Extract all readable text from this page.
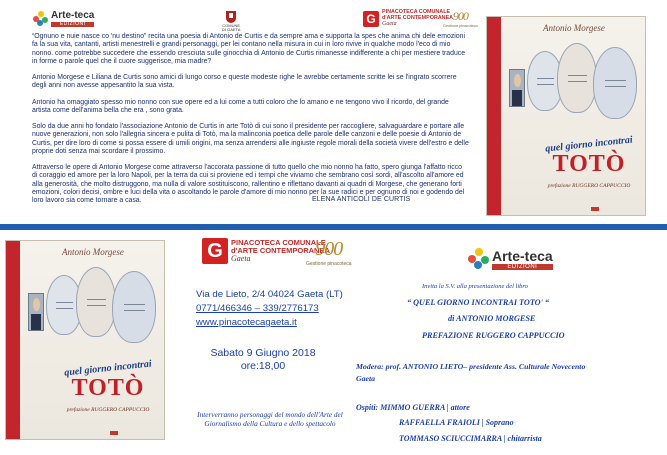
Arte-teca
EDIZIONI	COMUNE
DI GAETA
G	PINACOTECA COMUNALE
d'ARTE CONTEMPORANEA
Gaeta
900
Gestione pinacoteca

“Ognuno e nuie nasce co 'nu destino” recita una poesia di Antonio de Curtis e da sempre ama e supporta la spes che anima chi dele emozioni fa la sua vita, cantanti, artisti menestrelli e grandi personaggi, per lei contano nella misura in cui in loro rivive in qualche modo l'eco di mio nonno. come potrebbe succedere che essendo cresciuta sulle ginocchia di Antonio de Curtis rimanesse indifferente a chi per mestiere traduce in forme o parole quel che il cuore suggerisce, mia madre?

Antonio Morgese e Liliana de Curtis sono amici di lungo corso e queste modeste righe le avrebbe certamente scritte lei se l'ingrato scorrere degli anni non avesse appesantito la sua vista.

Antonio ha omaggiato spesso mio nonno con sue opere ed a lui come a tutti coloro che lo amano e ne tengono vivo il ricordo, del grande artista come dell'anima bella che era , sono grata.

Solo da due anni ho fondato l'associazione Antonio de Curtis in arte Totò di cui sono il presidente per raccogliere, salvaguardare e portare alle nuove generazioni, non solo l'allegria sincera e pulita di Totò, ma la malinconia poetica delle parole delle canzoni e delle poesie di Antonio de Curtis, per dire loro di come si possa essere di umili origini, ma senza arrendersi alle ingiuste regole morali della società vivere dell'estro e delle proprie doti senza mai scordare il prossimo.

Attraverso le opere di Antonio Morgese come attraverso l'accorata passione di tutto quello che mio nonno ha fatto, spero giunga l'affatto ricco di coraggio ed amore per la loro Napoli, per la terra da cui si proviene ed i tempi che viviamo che sembrano così sordi, all'ascolto all'amore ed alla generosità, che molto distruggono, ma nulla di valore sostituiscono, rallentino e riflettano davanti ai quadri di Morgese, che generano forti emozioni, colori decisi, ombre e luci della vita o ascoltando le parole d'amore di mio nonno per la sue radici e per ognuno di noi e godendo del loro lavoro sia come tornare a casa.	ELENA ANTICOLI DE CURTIS
Antonio Morgese
quel giorno incontrai
TOTÒ
prefazione RUGGERO CAPPUCCIO
Antonio Morgese
quel giorno incontrai
TOTÒ
prefazione RUGGERO CAPPUCCIO
G	PINACOTECA COMUNALE
d'ARTE CONTEMPORANEA
Gaeta	900
Gestione pinacoteca
Via de Lieto, 2/4 04024 Gaeta (LT)
0771/466346 – 339/2776173
www.pinacotecagaeta.it
Sabato 9 Giugno 2018
ore:18,00
Interverranno personaggi del mondo dell'Arte del Giornalismo della Cultura e dello spettacolo
Arte-teca
EDIZIONI
Invita la S.V. alla presentazione del libro
“ QUEL GIORNO INCONTRAI TOTO' “
di ANTONIO MORGESE
PREFAZIONE RUGGERO CAPPUCCIO
Modera: prof. ANTONIO LIETO– presidente Ass. Culturale Novecento
Gaeta
Ospiti: MIMMO GUERRA | attore
RAFFAELLA FRAIOLI | Soprano
TOMMASO SCIUCCIMARRA | chitarrista
